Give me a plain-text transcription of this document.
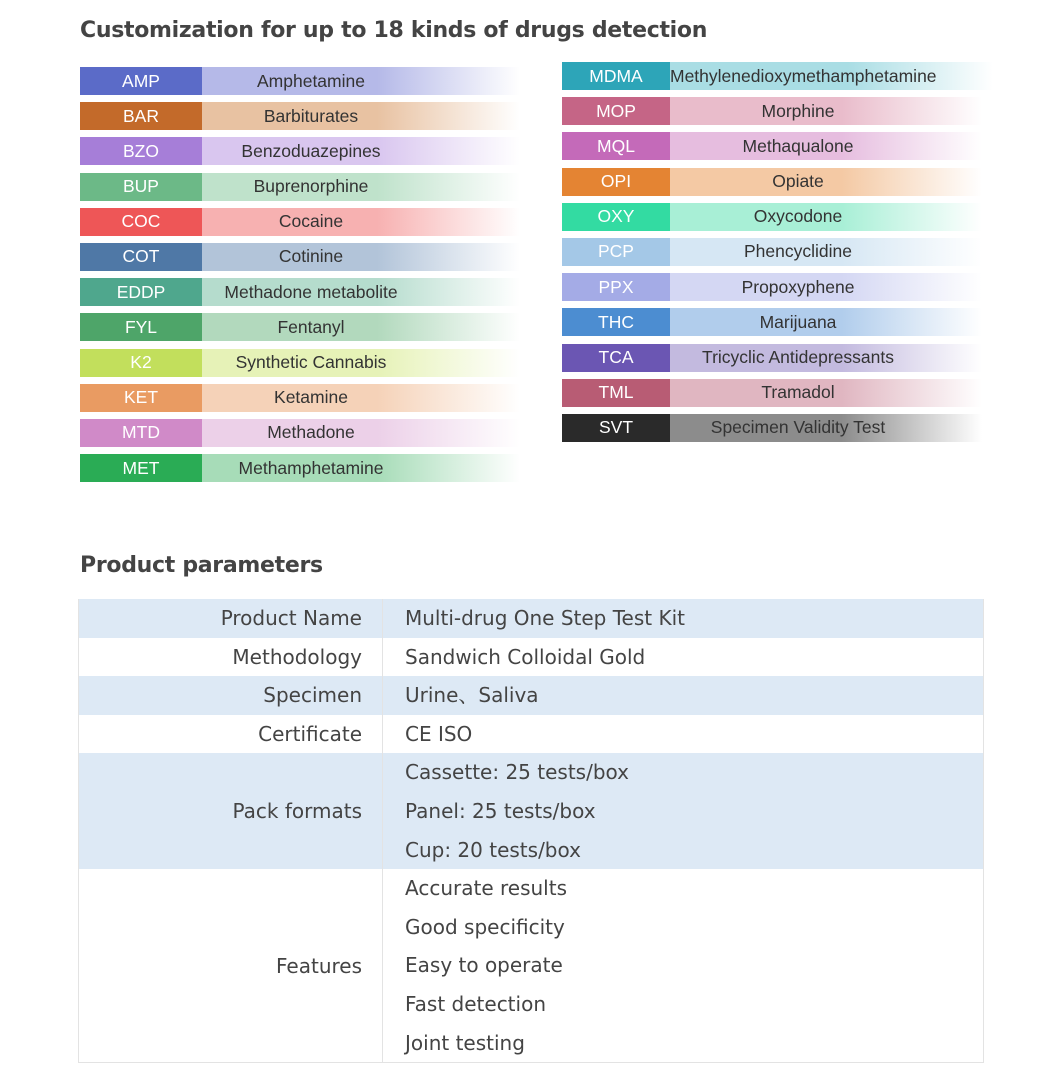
Customization for up to 18 kinds of drugs detection
AMP	Amphetamine
BAR	Barbiturates
BZO	Benzoduazepines
BUP	Buprenorphine
COC	Cocaine
COT	Cotinine
EDDP	Methadone metabolite
FYL	Fentanyl
K2	Synthetic Cannabis
KET	Ketamine
MTD	Methadone
MET	Methamphetamine
MDMA	Methylenedioxymethamphetamine
MOP	Morphine
MQL	Methaqualone
OPI	Opiate
OXY	Oxycodone
PCP	Phencyclidine
PPX	Propoxyphene
THC	Marijuana
TCA	Tricyclic Antidepressants
TML	Tramadol
SVT	Specimen Validity Test
Product parameters
Product Name	Multi-drug One Step Test Kit

Methodology	Sandwich Colloidal Gold

Specimen	Urine、Saliva

Certificate	CE ISO

Pack formats	Cassette: 25 tests/box
Panel: 25 tests/box
Cup: 20 tests/box

Features	Accurate results
Good specificity
Easy to operate
Fast detection
Joint testing
